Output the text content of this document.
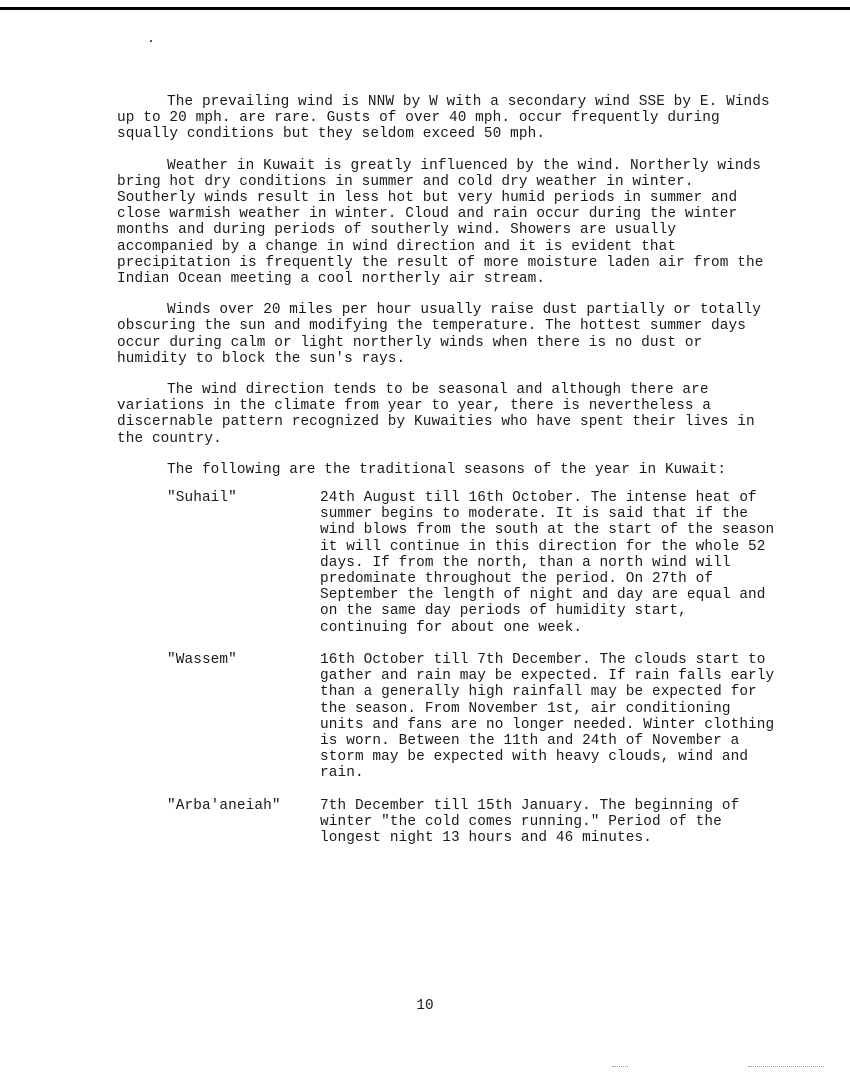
The prevailing wind is NNW by W with a secondary wind SSE by E. Winds up to 20 mph. are rare. Gusts of over 40 mph. occur frequently during squally conditions but they seldom exceed 50 mph.

Weather in Kuwait is greatly influenced by the wind. Northerly winds bring hot dry conditions in summer and cold dry weather in winter. Southerly winds result in less hot but very humid periods in summer and close warmish weather in winter. Cloud and rain occur during the winter months and during periods of southerly wind. Showers are usually accompanied by a change in wind direction and it is evident that precipitation is frequently the result of more moisture laden air from the Indian Ocean meeting a cool northerly air stream.

Winds over 20 miles per hour usually raise dust partially or totally obscuring the sun and modifying the temperature. The hottest summer days occur during calm or light northerly winds when there is no dust or humidity to block the sun's rays.

The wind direction tends to be seasonal and although there are variations in the climate from year to year, there is nevertheless a discernable pattern recognized by Kuwaities who have spent their lives in the country.

The following are the traditional seasons of the year in Kuwait:

"Suhail"	24th August till 16th October. The intense heat of summer begins to moderate. It is said that if the wind blows from the south at the start of the season it will continue in this direction for the whole 52 days. If from the north, than a north wind will predominate throughout the period. On 27th of September the length of night and day are equal and on the same day periods of humidity start, continuing for about one week.
"Wassem"	16th October till 7th December. The clouds start to gather and rain may be expected. If rain falls early than a generally high rainfall may be expected for the season. From November 1st, air conditioning units and fans are no longer needed. Winter clothing is worn. Between the 11th and 24th of November a storm may be expected with heavy clouds, wind and rain.
"Arba'aneiah"	7th December till 15th January. The beginning of winter "the cold comes running." Period of the longest night 13 hours and 46 minutes.
10
